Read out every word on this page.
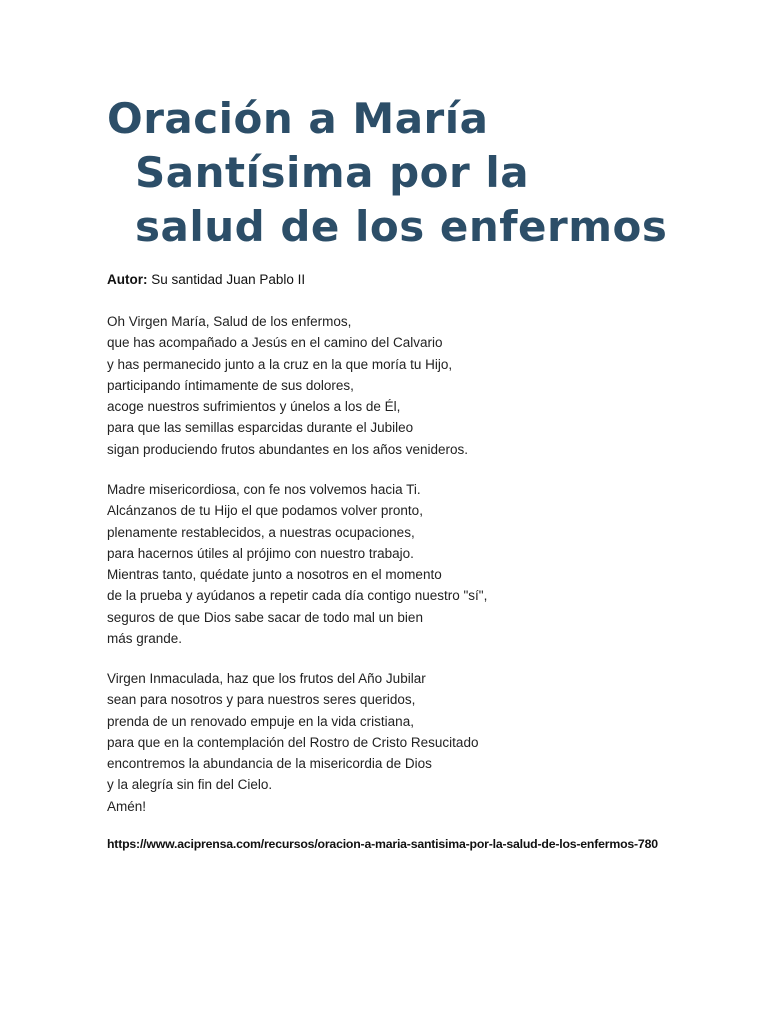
Oración a María
Santísima por la
salud de los enfermos
Autor: Su santidad Juan Pablo II

Oh Virgen María, Salud de los enfermos,
que has acompañado a Jesús en el camino del Calvario
y has permanecido junto a la cruz en la que moría tu Hijo,
participando íntimamente de sus dolores,
acoge nuestros sufrimientos y únelos a los de Él,
para que las semillas esparcidas durante el Jubileo
sigan produciendo frutos abundantes en los años venideros.

Madre misericordiosa, con fe nos volvemos hacia Ti.
Alcánzanos de tu Hijo el que podamos volver pronto,
plenamente restablecidos, a nuestras ocupaciones,
para hacernos útiles al prójimo con nuestro trabajo.
Mientras tanto, quédate junto a nosotros en el momento
de la prueba y ayúdanos a repetir cada día contigo nuestro "sí",
seguros de que Dios sabe sacar de todo mal un bien
más grande.

Virgen Inmaculada, haz que los frutos del Año Jubilar
sean para nosotros y para nuestros seres queridos,
prenda de un renovado empuje en la vida cristiana,
para que en la contemplación del Rostro de Cristo Resucitado
encontremos la abundancia de la misericordia de Dios
y la alegría sin fin del Cielo.
Amén!

https://www.aciprensa.com/recursos/oracion-a-maria-santisima-por-la-salud-de-los-enfermos-780
